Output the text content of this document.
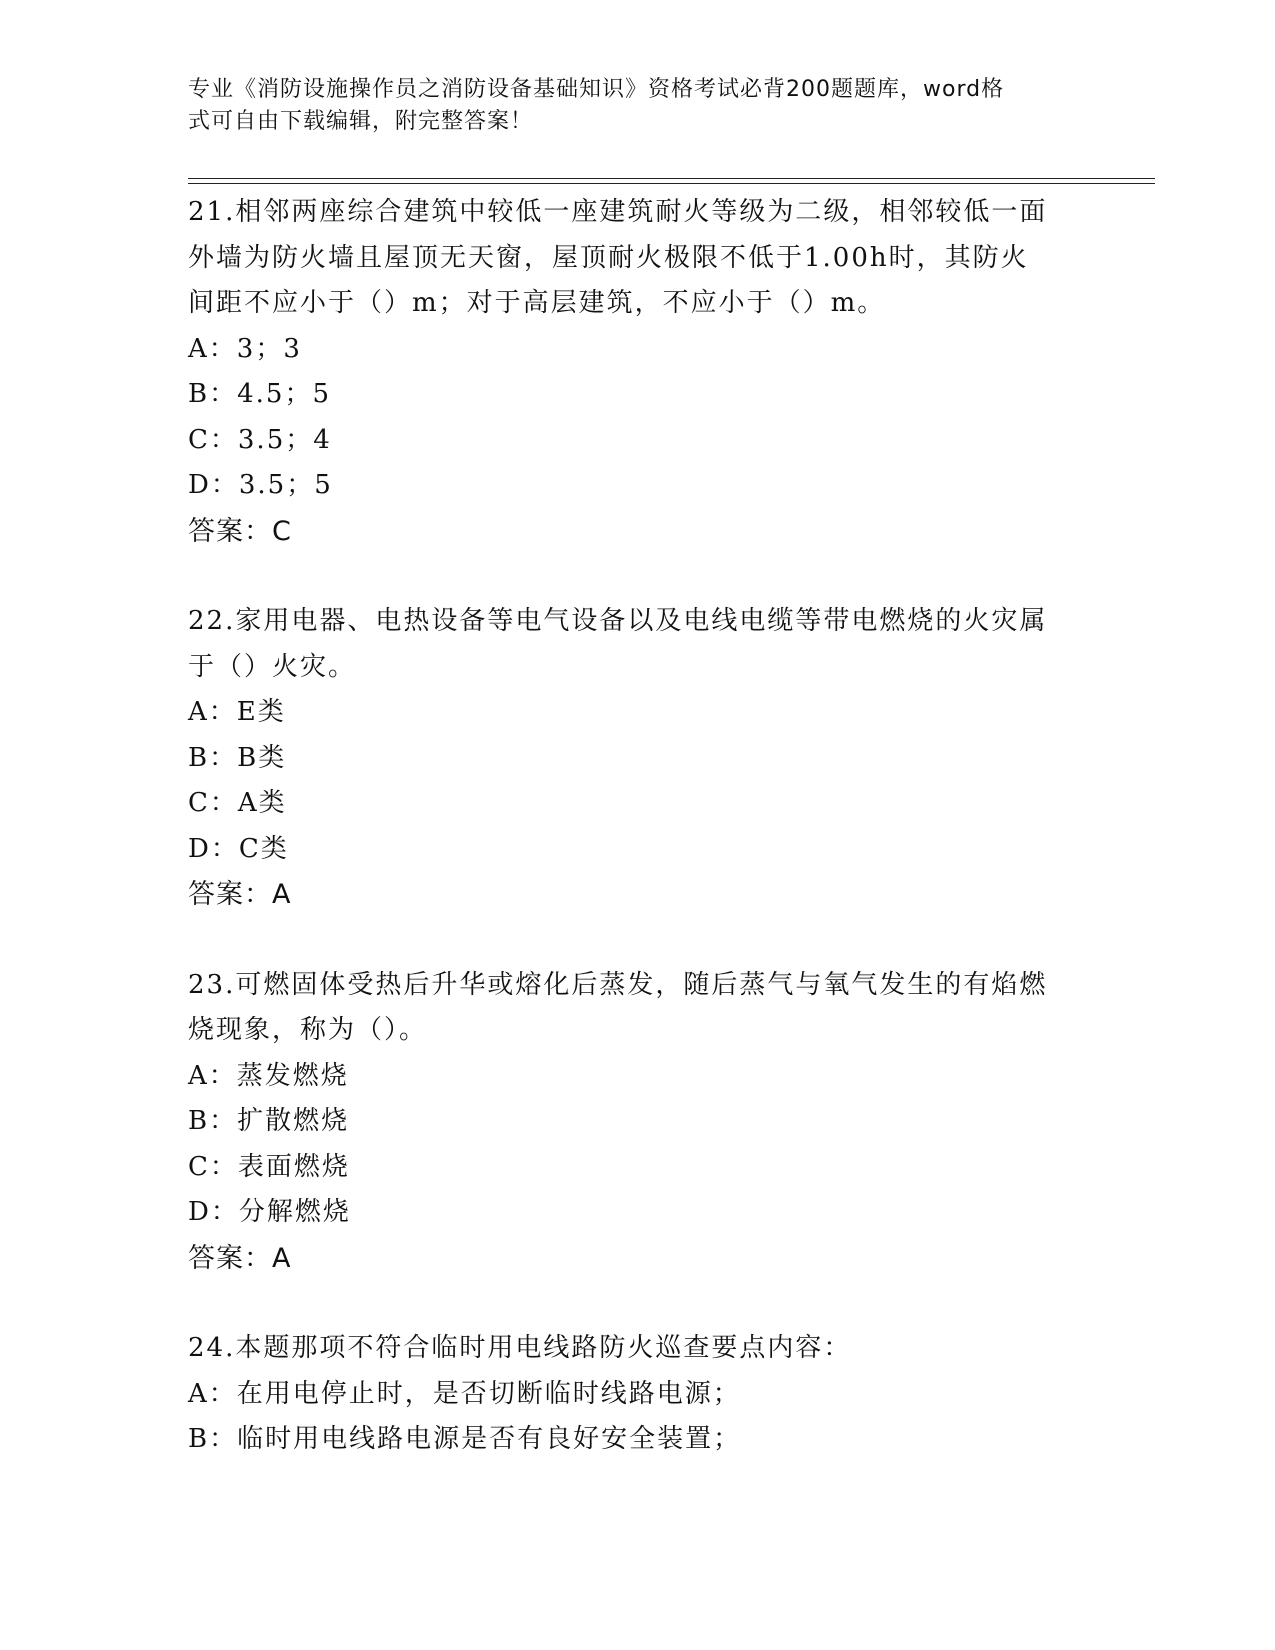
专业《消防设施操作员之消防设备基础知识》资格考试必背200题题库，word格
式可自由下载编辑，附完整答案！
21.相邻两座综合建筑中较低一座建筑耐火等级为二级，相邻较低一面
外墙为防火墙且屋顶无天窗，屋顶耐火极限不低于1.00h时，其防火
间距不应小于（）m；对于高层建筑，不应小于（）m。
A：3；3
B：4.5；5
C：3.5；4
D：3.5；5
答案：C
22.家用电器、电热设备等电气设备以及电线电缆等带电燃烧的火灾属
于（）火灾。
A：E类
B：B类
C：A类
D：C类
答案：A
23.可燃固体受热后升华或熔化后蒸发，随后蒸气与氧气发生的有焰燃
烧现象，称为（）。
A：蒸发燃烧
B：扩散燃烧
C：表面燃烧
D：分解燃烧
答案：A
24.本题那项不符合临时用电线路防火巡查要点内容：
A：在用电停止时，是否切断临时线路电源；
B：临时用电线路电源是否有良好安全装置；
